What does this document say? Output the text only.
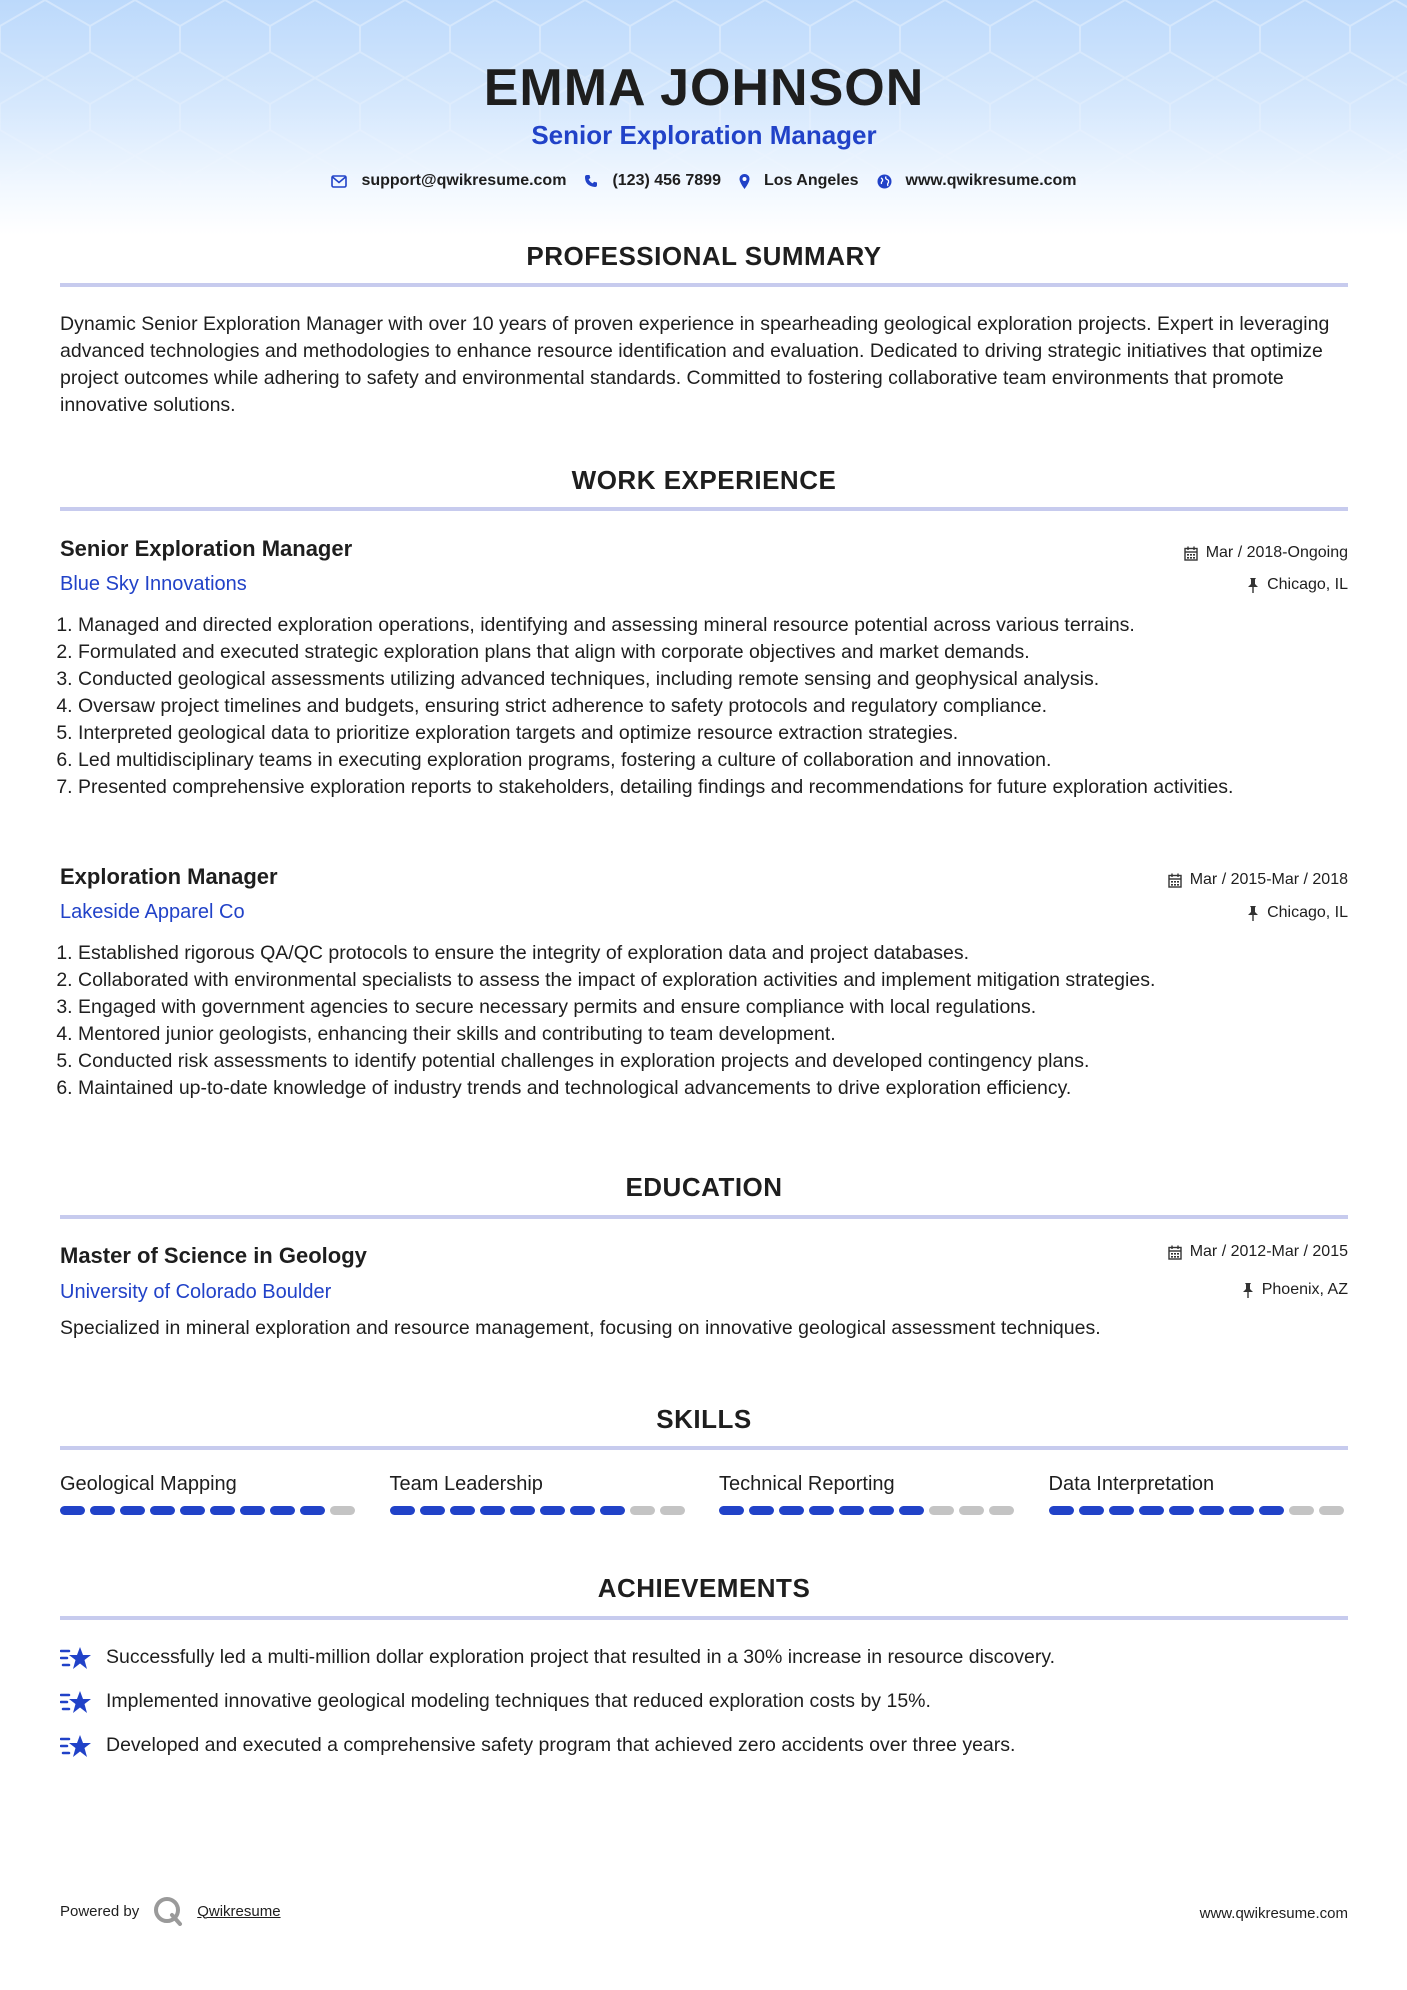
EMMA JOHNSON
Senior Exploration Manager
support@qwikresume.com	(123) 456 7899	Los Angeles	www.qwikresume.com
PROFESSIONAL SUMMARY
Dynamic Senior Exploration Manager with over 10 years of proven experience in spearheading geological exploration projects. Expert in leveraging advanced technologies and methodologies to enhance resource identification and evaluation. Dedicated to driving strategic initiatives that optimize project outcomes while adhering to safety and environmental standards. Committed to fostering collaborative team environments that promote innovative solutions.
WORK EXPERIENCE
Senior Exploration Manager	Mar / 2018-Ongoing
Blue Sky Innovations	Chicago, IL
1. Managed and directed exploration operations, identifying and assessing mineral resource potential across various terrains.
2. Formulated and executed strategic exploration plans that align with corporate objectives and market demands.
3. Conducted geological assessments utilizing advanced techniques, including remote sensing and geophysical analysis.
4. Oversaw project timelines and budgets, ensuring strict adherence to safety protocols and regulatory compliance.
5. Interpreted geological data to prioritize exploration targets and optimize resource extraction strategies.
6. Led multidisciplinary teams in executing exploration programs, fostering a culture of collaboration and innovation.
7. Presented comprehensive exploration reports to stakeholders, detailing findings and recommendations for future exploration activities.
Exploration Manager	Mar / 2015-Mar / 2018
Lakeside Apparel Co	Chicago, IL
1. Established rigorous QA/QC protocols to ensure the integrity of exploration data and project databases.
2. Collaborated with environmental specialists to assess the impact of exploration activities and implement mitigation strategies.
3. Engaged with government agencies to secure necessary permits and ensure compliance with local regulations.
4. Mentored junior geologists, enhancing their skills and contributing to team development.
5. Conducted risk assessments to identify potential challenges in exploration projects and developed contingency plans.
6. Maintained up-to-date knowledge of industry trends and technological advancements to drive exploration efficiency.
EDUCATION
Master of Science in Geology	Mar / 2012-Mar / 2015
University of Colorado Boulder	Phoenix, AZ
Specialized in mineral exploration and resource management, focusing on innovative geological assessment techniques.
SKILLS
Geological Mapping	Team Leadership	Technical Reporting	Data Interpretation
ACHIEVEMENTS
Successfully led a multi-million dollar exploration project that resulted in a 30% increase in resource discovery.
Implemented innovative geological modeling techniques that reduced exploration costs by 15%.
Developed and executed a comprehensive safety program that achieved zero accidents over three years.
Powered by	Qwikresume	www.qwikresume.com
